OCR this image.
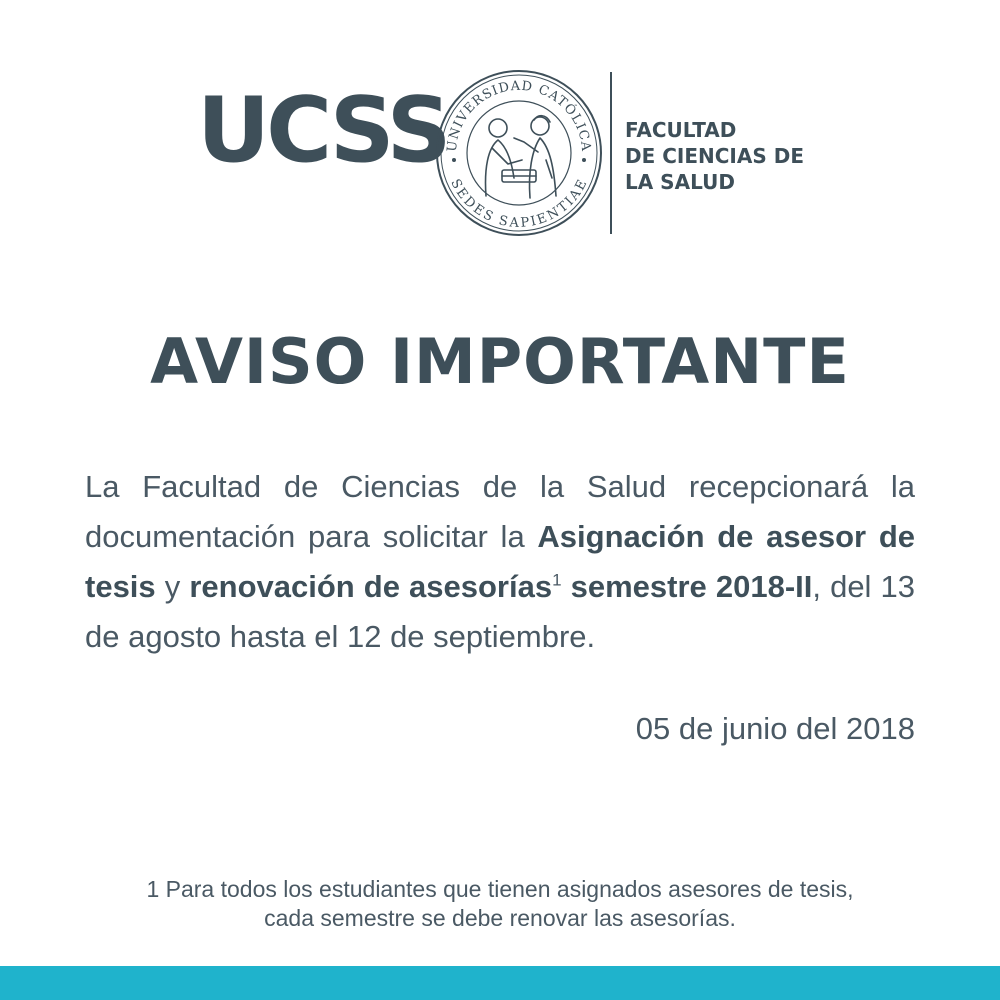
UCSS
UNIVERSIDAD CATÓLICA
SEDES SAPIENTIAE
FACULTAD
DE CIENCIAS DE
LA SALUD
AVISO IMPORTANTE
La Facultad de Ciencias de la Salud recepcionará la documentación para solicitar la Asignación de asesor de tesis y renovación de asesorías$^1$ semestre 2018-II, del 13 de agosto hasta el 12 de septiembre.
05 de junio del 2018
1 Para todos los estudiantes que tienen asignados asesores de tesis,
cada semestre se debe renovar las asesorías.
